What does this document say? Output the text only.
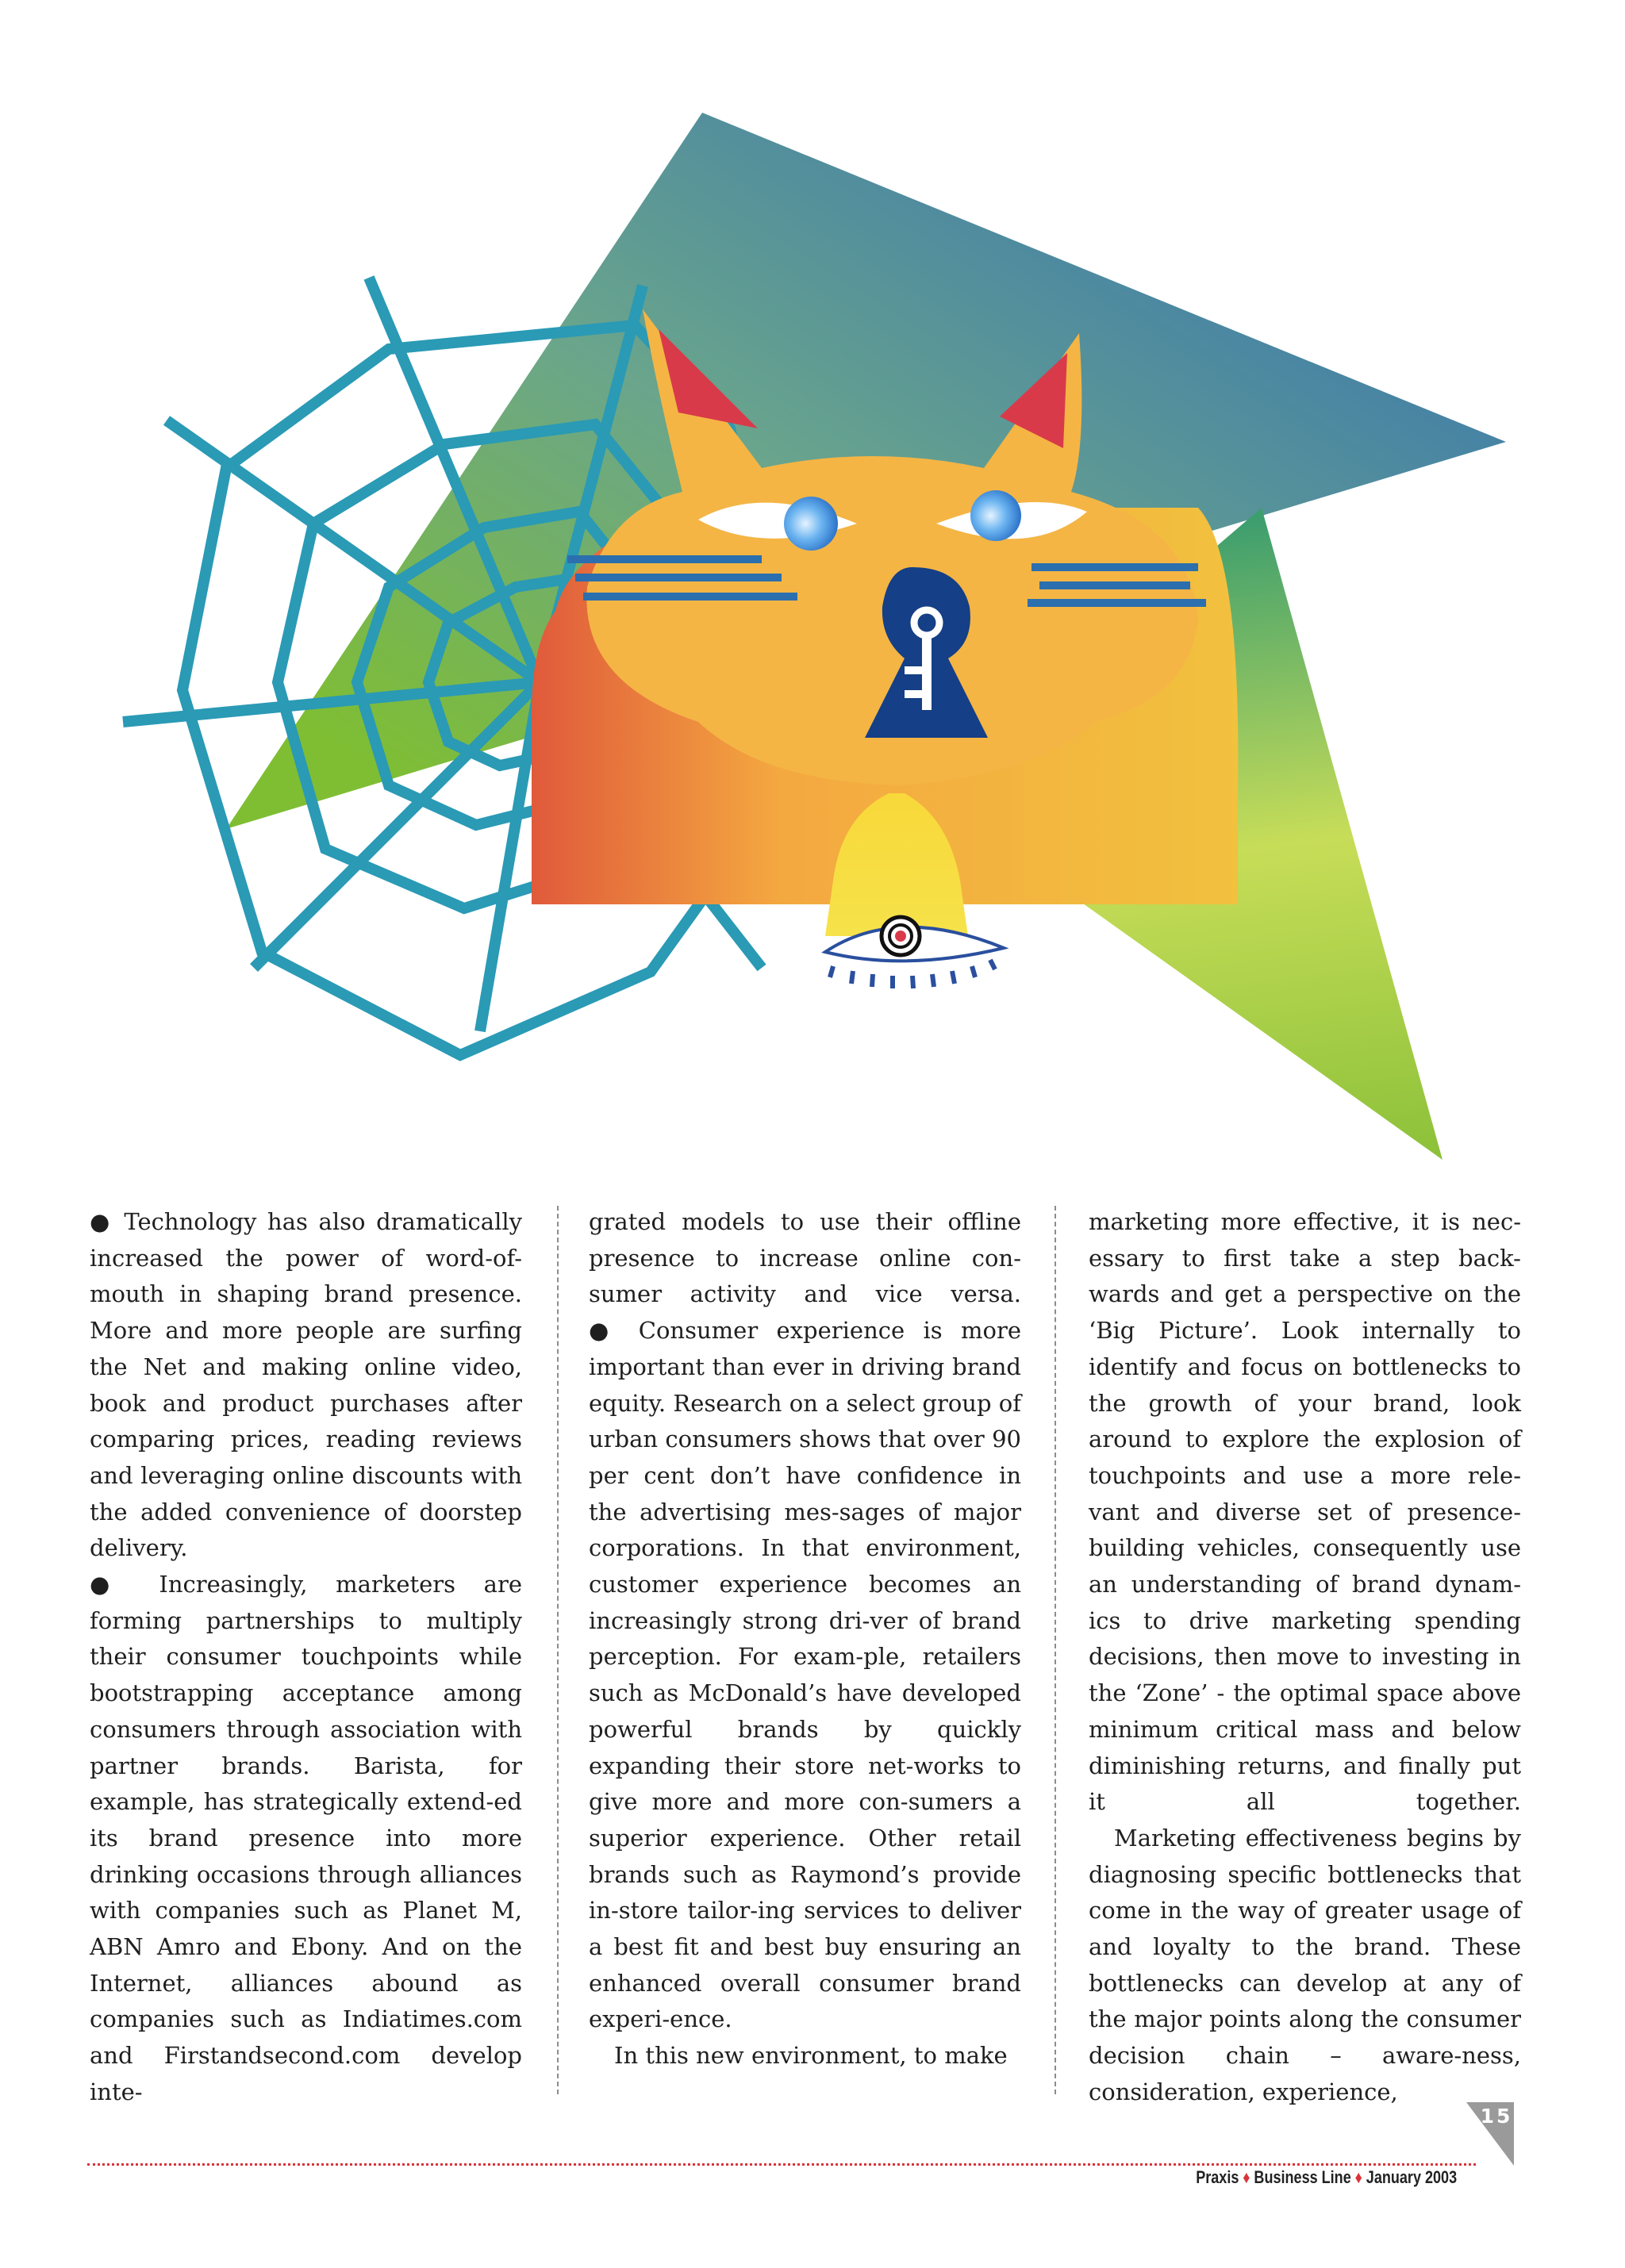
● Technology has also dramatically increased the power of word-of-mouth in shaping brand presence. More and more people are surfing the Net and making online video, book and product purchases after comparing prices, reading reviews and leveraging online discounts with the added convenience of doorstep delivery.

● Increasingly, marketers are forming partnerships to multiply their consumer touchpoints while bootstrapping acceptance among consumers through association with partner brands. Barista, for example, has strategically extend-ed its brand presence into more drinking occasions through alliances with companies such as Planet M, ABN Amro and Ebony. And on the Internet, alliances abound as companies such as Indiatimes.com and Firstandsecond.com develop inte-

grated models to use their offline presence to increase online con-sumer activity and vice versa.

● Consumer experience is more important than ever in driving brand equity. Research on a select group of urban consumers shows that over 90 per cent don’t have confidence in the advertising mes-sages of major corporations. In that environment, customer experience becomes an increasingly strong dri-ver of brand perception. For exam-ple, retailers such as McDonald’s have developed powerful brands by quickly expanding their store net-works to give more and more con-sumers a superior experience. Other retail brands such as Raymond’s provide in-store tailor-ing services to deliver a best fit and best buy ensuring an enhanced overall consumer brand experi-ence.

In this new environment, to make

marketing more effective, it is nec-essary to first take a step back-wards and get a perspective on the ‘Big Picture’. Look internally to identify and focus on bottlenecks to the growth of your brand, look around to explore the explosion of touchpoints and use a more rele-vant and diverse set of presence-building vehicles, consequently use an understanding of brand dynam-ics to drive marketing spending decisions, then move to investing in the ‘Zone’ - the optimal space above minimum critical mass and below diminishing returns, and finally put it all together.

Marketing effectiveness begins by diagnosing specific bottlenecks that come in the way of greater usage of and loyalty to the brand. These bottlenecks can develop at any of the major points along the consumer decision chain – aware-ness, consideration, experience,

15
Praxis ♦ Business Line ♦ January 2003
